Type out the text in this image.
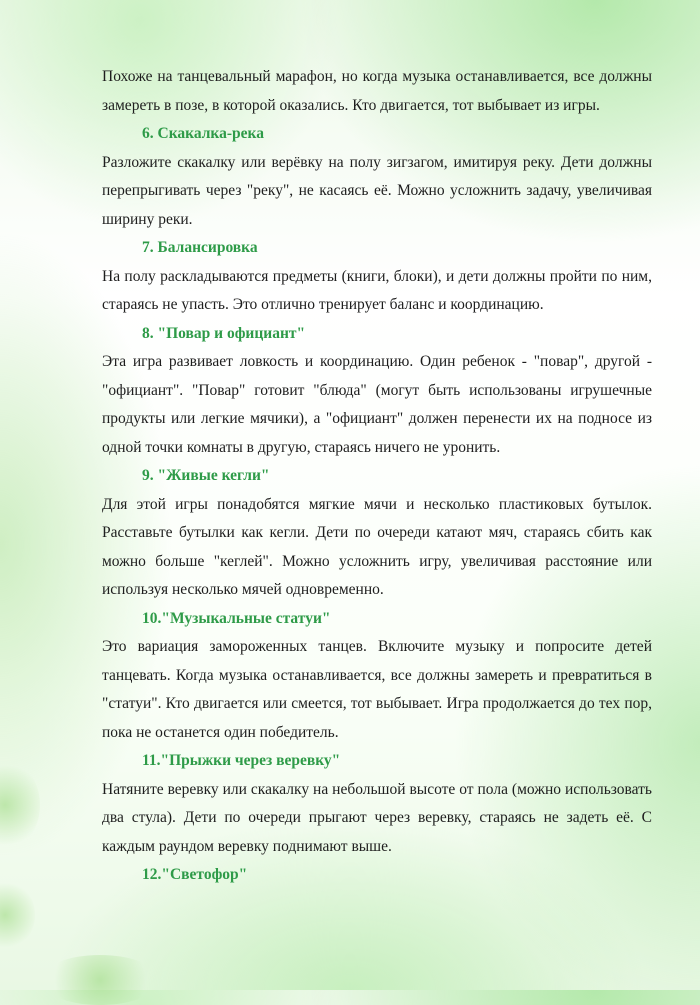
Похоже на танцевальный марафон, но когда музыка останавливается, все должны замереть в позе, в которой оказались. Кто двигается, тот выбывает из игры.

6. Скакалка-река

Разложите скакалку или верёвку на полу зигзагом, имитируя реку. Дети должны перепрыгивать через "реку", не касаясь её. Можно усложнить задачу, увеличивая ширину реки.

7. Балансировка

На полу раскладываются предметы (книги, блоки), и дети должны пройти по ним, стараясь не упасть. Это отлично тренирует баланс и координацию.

8. "Повар и официант"

Эта игра развивает ловкость и координацию. Один ребенок - "повар", другой - "официант". "Повар" готовит "блюда" (могут быть использованы игрушечные продукты или легкие мячики), а "официант" должен перенести их на подносе из одной точки комнаты в другую, стараясь ничего не уронить.

9. "Живые кегли"

Для этой игры понадобятся мягкие мячи и несколько пластиковых бутылок. Расставьте бутылки как кегли. Дети по очереди катают мяч, стараясь сбить как можно больше "кеглей". Можно усложнить игру, увеличивая расстояние или используя несколько мячей одновременно.

10."Музыкальные статуи"

Это вариация замороженных танцев. Включите музыку и попросите детей танцевать. Когда музыка останавливается, все должны замереть и превратиться в "статуи". Кто двигается или смеется, тот выбывает. Игра продолжается до тех пор, пока не останется один победитель.

11."Прыжки через веревку"

Натяните веревку или скакалку на небольшой высоте от пола (можно использовать два стула). Дети по очереди прыгают через веревку, стараясь не задеть её. С каждым раундом веревку поднимают выше.

12."Светофор"
